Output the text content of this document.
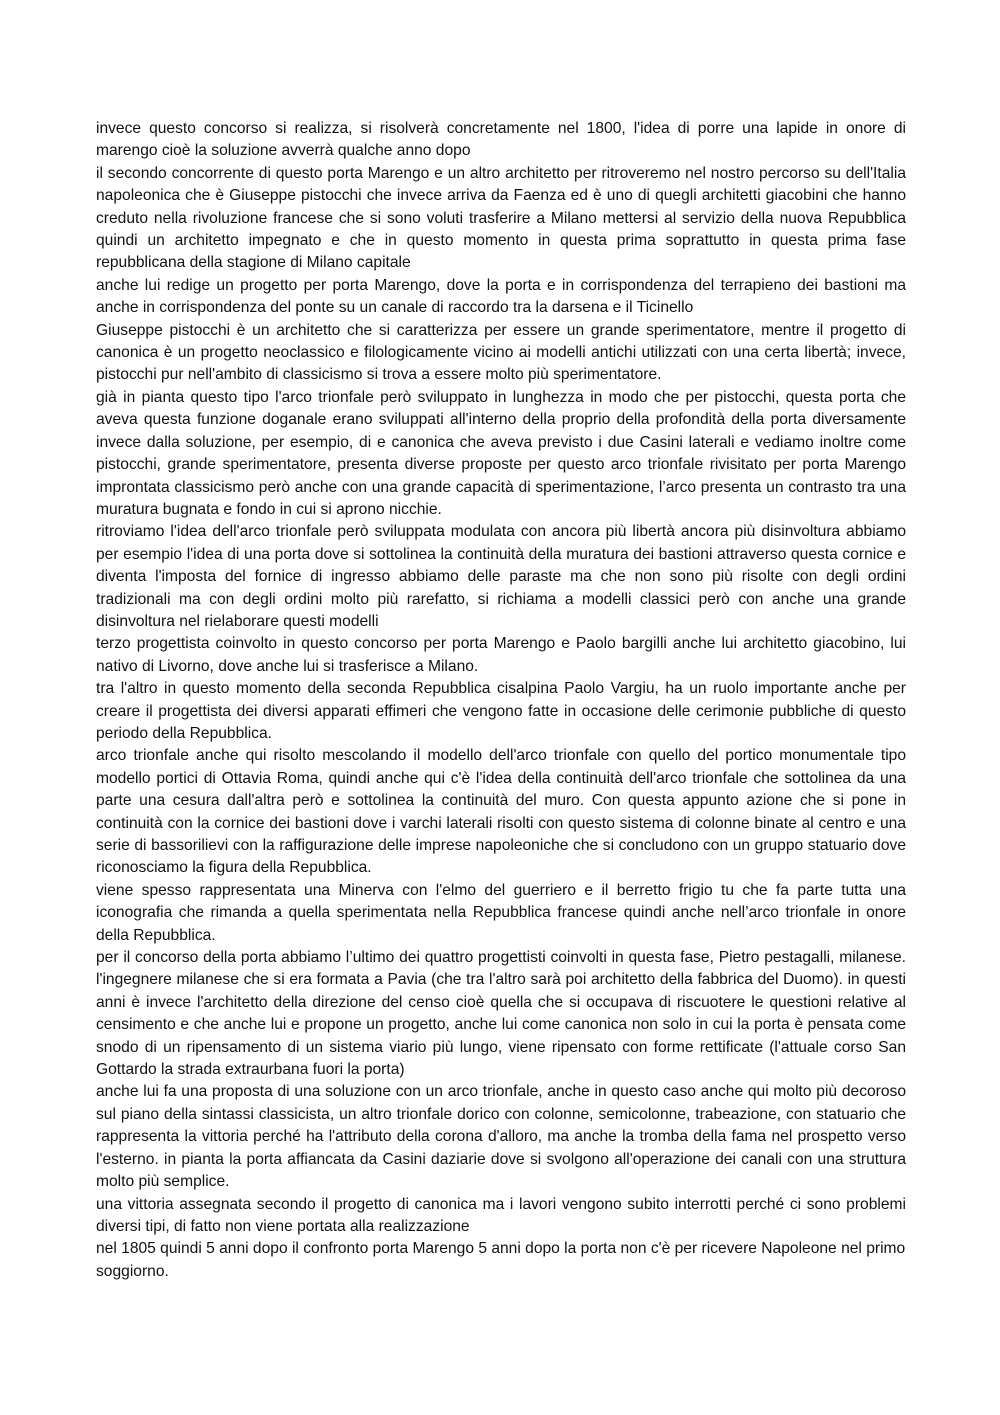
invece questo concorso si realizza, si risolverà concretamente nel 1800, l'idea di porre una lapide in onore di marengo cioè la soluzione avverrà qualche anno dopo

il secondo concorrente di questo porta Marengo e un altro architetto per ritroveremo nel nostro percorso su dell'Italia napoleonica che è Giuseppe pistocchi che invece arriva da Faenza ed è uno di quegli architetti giacobini che hanno creduto nella rivoluzione francese che si sono voluti trasferire a Milano mettersi al servizio della nuova Repubblica quindi un architetto impegnato e che in questo momento in questa prima soprattutto in questa prima fase repubblicana della stagione di Milano capitale

anche lui redige un progetto per porta Marengo, dove la porta e in corrispondenza del terrapieno dei bastioni ma anche in corrispondenza del ponte su un canale di raccordo tra la darsena e il Ticinello

Giuseppe pistocchi è un architetto che si caratterizza per essere un grande sperimentatore, mentre il progetto di canonica è un progetto neoclassico e filologicamente vicino ai modelli antichi utilizzati con una certa libertà; invece, pistocchi pur nell'ambito di classicismo si trova a essere molto più sperimentatore.

già in pianta questo tipo l'arco trionfale però sviluppato in lunghezza in modo che per pistocchi, questa porta che aveva questa funzione doganale erano sviluppati all'interno della proprio della profondità della porta diversamente invece dalla soluzione, per esempio, di e canonica che aveva previsto i due Casini laterali e vediamo inoltre come pistocchi, grande sperimentatore, presenta diverse proposte per questo arco trionfale rivisitato per porta Marengo improntata classicismo però anche con una grande capacità di sperimentazione, l’arco presenta un contrasto tra una muratura bugnata e fondo in cui si aprono nicchie.

ritroviamo l'idea dell'arco trionfale però sviluppata modulata con ancora più libertà ancora più disinvoltura abbiamo per esempio l'idea di una porta dove si sottolinea la continuità della muratura dei bastioni attraverso questa cornice e diventa l'imposta del fornice di ingresso abbiamo delle paraste ma che non sono più risolte con degli ordini tradizionali ma con degli ordini molto più rarefatto, si richiama a modelli classici però con anche una grande disinvoltura nel rielaborare questi modelli

terzo progettista coinvolto in questo concorso per porta Marengo e Paolo bargilli anche lui architetto giacobino, lui nativo di Livorno, dove anche lui si trasferisce a Milano.

tra l'altro in questo momento della seconda Repubblica cisalpina Paolo Vargiu, ha un ruolo importante anche per creare il progettista dei diversi apparati effimeri che vengono fatte in occasione delle cerimonie pubbliche di questo periodo della Repubblica.

arco trionfale anche qui risolto mescolando il modello dell'arco trionfale con quello del portico monumentale tipo modello portici di Ottavia Roma, quindi anche qui c'è l'idea della continuità dell'arco trionfale che sottolinea da una parte una cesura dall'altra però e sottolinea la continuità del muro. Con questa appunto azione che si pone in continuità con la cornice dei bastioni dove i varchi laterali risolti con questo sistema di colonne binate al centro e una serie di bassorilievi con la raffigurazione delle imprese napoleoniche che si concludono con un gruppo statuario dove riconosciamo la figura della Repubblica.

viene spesso rappresentata una Minerva con l'elmo del guerriero e il berretto frigio tu che fa parte tutta una iconografia che rimanda a quella sperimentata nella Repubblica francese quindi anche nell’arco trionfale in onore della Repubblica.

per il concorso della porta abbiamo l’ultimo dei quattro progettisti coinvolti in questa fase, Pietro pestagalli, milanese. l'ingegnere milanese che si era formata a Pavia (che tra l'altro sarà poi architetto della fabbrica del Duomo). in questi anni è invece l'architetto della direzione del censo cioè quella che si occupava di riscuotere le questioni relative al censimento e che anche lui e propone un progetto, anche lui come canonica non solo in cui la porta è pensata come snodo di un ripensamento di un sistema viario più lungo, viene ripensato con forme rettificate (l'attuale corso San Gottardo la strada extraurbana fuori la porta)

anche lui fa una proposta di una soluzione con un arco trionfale, anche in questo caso anche qui molto più decoroso sul piano della sintassi classicista, un altro trionfale dorico con colonne, semicolonne, trabeazione, con statuario che rappresenta la vittoria perché ha l'attributo della corona d'alloro, ma anche la tromba della fama nel prospetto verso l'esterno. in pianta la porta affiancata da Casini daziarie dove si svolgono all'operazione dei canali con una struttura molto più semplice.

una vittoria assegnata secondo il progetto di canonica ma i lavori vengono subito interrotti perché ci sono problemi diversi tipi, di fatto non viene portata alla realizzazione

nel 1805 quindi 5 anni dopo il confronto porta Marengo 5 anni dopo la porta non c'è per ricevere Napoleone nel primo soggiorno.
